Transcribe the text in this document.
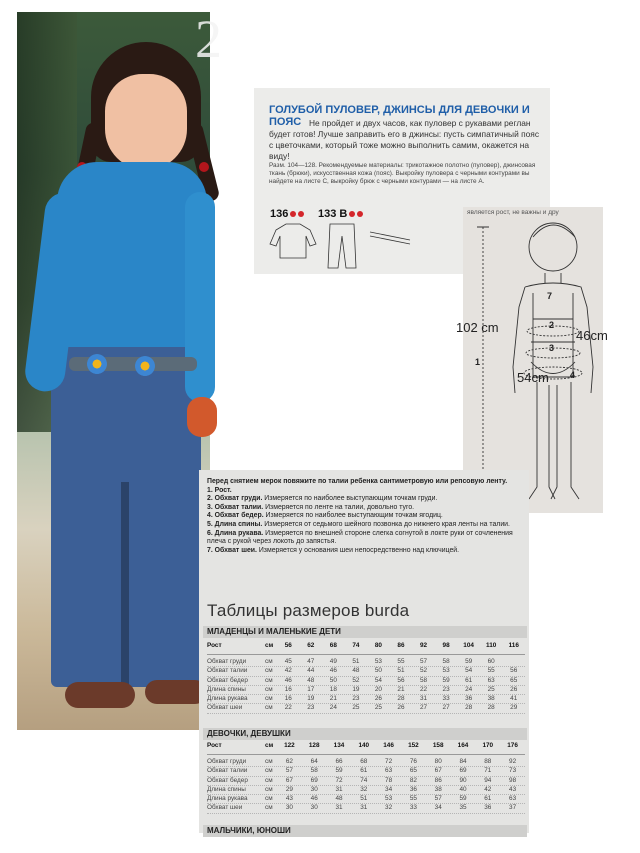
2
ГОЛУБОЙ ПУЛОВЕР, ДЖИНСЫ ДЛЯ ДЕВОЧКИ И ПОЯС Не пройдет и двух часов, как пуловер с рукавами реглан будет готов! Лучше заправить его в джинсы: пусть симпатичный пояс с цветочками, который тоже можно выполнить самим, окажется на виду!
Разм. 104—128. Рекомендуемые материалы: трикотажное полотно (пуловер), джинсовая ткань (брюки), искусственная кожа (пояс). Выкройку пуловера с черными контурами вы найдете на листе С, выкройку брюк с черными контурами — на листе А.
136	133 В	является рост, не важны и дру
7
2
3
4
1
102 cm
46cm
54cm
Перед снятием мерок повяжите по талии ребенка сантиметровую или репсовую ленту.
1. Рост.
2. Обхват груди. Измеряется по наиболее выступающим точкам груди.
3. Обхват талии. Измеряется по ленте на талии, довольно туго.
4. Обхват бедер. Измеряется по наиболее выступающим точкам ягодиц.
5. Длина спины. Измеряется от седьмого шейного позвонка до нижнего края ленты на талии.
6. Длина рукава. Измеряется по внешней стороне слегка согнутой в локте руки от сочленения плеча с рукой через локоть до запястья.
7. Обхват шеи. Измеряется у основания шеи непосредственно над ключицей.
Таблицы размеров burda
МЛАДЕНЦЫ И МАЛЕНЬКИЕ ДЕТИ
Рост	см	56	62	68	74	80	86	92	98	104	110	116
Обхват груди	см	45	47	49	51	53	55	57	58	59	60
Обхват талии	см	42	44	46	48	50	51	52	53	54	55	56
Обхват бедер	см	46	48	50	52	54	56	58	59	61	63	65
Длина спины	см	16	17	18	19	20	21	22	23	24	25	26
Длина рукава	см	16	19	21	23	26	28	31	33	36	38	41
Обхват шеи	см	22	23	24	25	25	26	27	27	28	28	29
ДЕВОЧКИ, ДЕВУШКИ
Рост	см	122	128	134	140	146	152	158	164	170	176
Обхват груди	см	62	64	66	68	72	76	80	84	88	92
Обхват талии	см	57	58	59	61	63	65	67	69	71	73
Обхват бедер	см	67	69	72	74	78	82	86	90	94	98
Длина спины	см	29	30	31	32	34	36	38	40	42	43
Длина рукава	см	43	46	48	51	53	55	57	59	61	63
Обхват шеи	см	30	30	31	31	32	33	34	35	36	37
МАЛЬЧИКИ, ЮНОШИ
